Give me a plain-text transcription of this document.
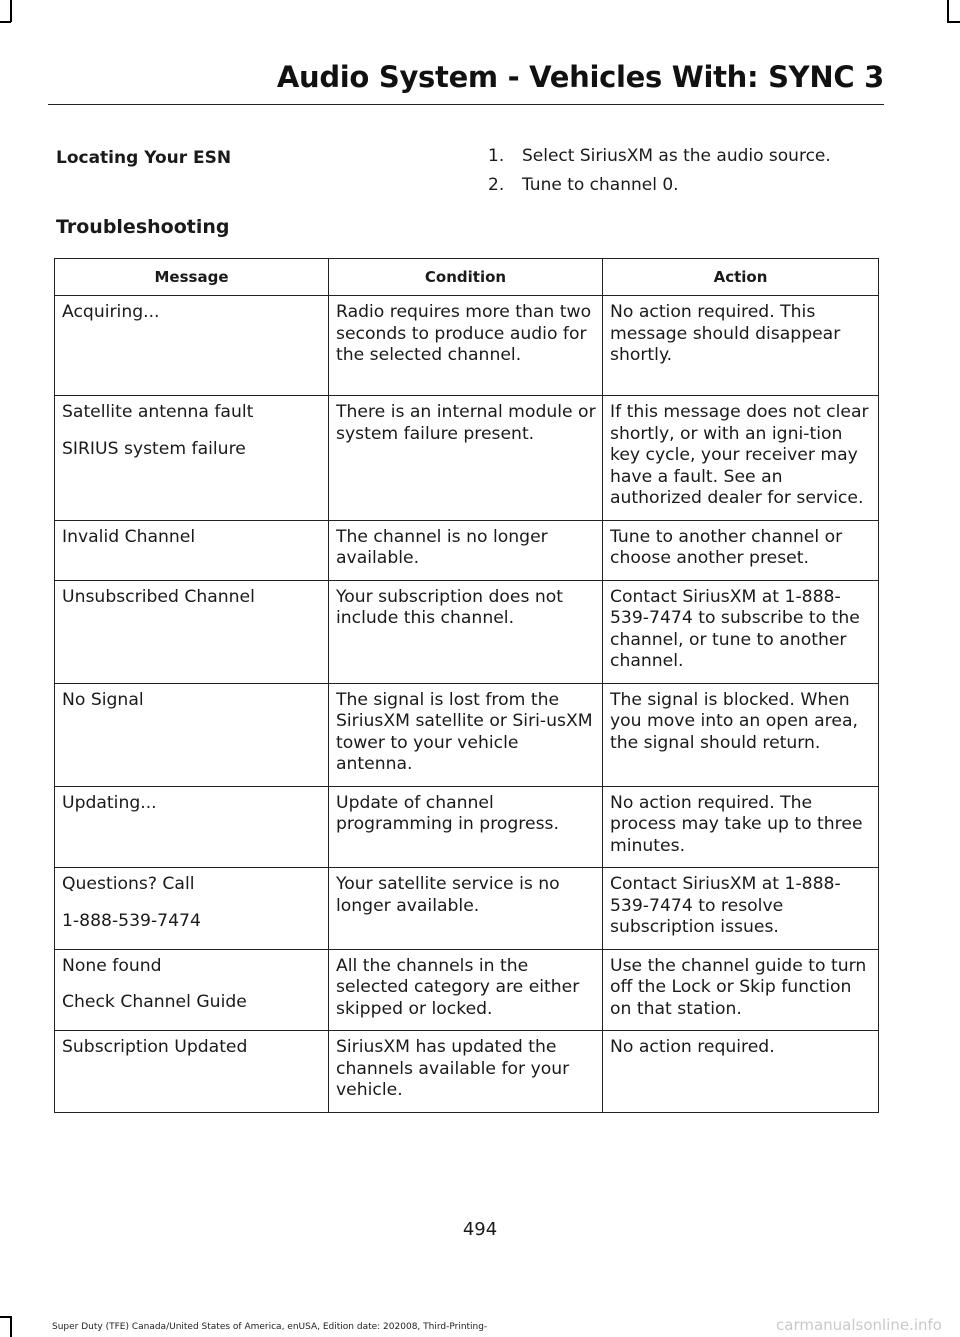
Audio System - Vehicles With: SYNC 3
Locating Your ESN
Troubleshooting
1.	Select SiriusXM as the audio source.
2.	Tune to channel 0.
Message	Condition	Action

Acquiring...	Radio requires more than two seconds to produce audio for the selected channel.	No action required. This message should disappear shortly.

Satellite antenna fault

SIRIUS system failure	There is an internal module or system failure present.	If this message does not clear shortly, or with an igni-tion key cycle, your receiver may have a fault. See an authorized dealer for service.

Invalid Channel	The channel is no longer available.	Tune to another channel or choose another preset.

Unsubscribed Channel	Your subscription does not include this channel.	Contact SiriusXM at 1-888-539-7474 to subscribe to the channel, or tune to another channel.

No Signal	The signal is lost from the SiriusXM satellite or Siri-usXM tower to your vehicle antenna.	The signal is blocked. When you move into an open area, the signal should return.

Updating...	Update of channel programming in progress.	No action required. The process may take up to three minutes.

Questions? Call

1-888-539-7474	Your satellite service is no longer available.	Contact SiriusXM at 1-888-539-7474 to resolve subscription issues.

None found

Check Channel Guide	All the channels in the selected category are either skipped or locked.	Use the channel guide to turn off the Lock or Skip function on that station.

Subscription Updated	SiriusXM has updated the channels available for your vehicle.	No action required.
494
Super Duty (TFE) Canada/United States of America, enUSA, Edition date: 202008, Third-Printing-	carmanualsonline.info
